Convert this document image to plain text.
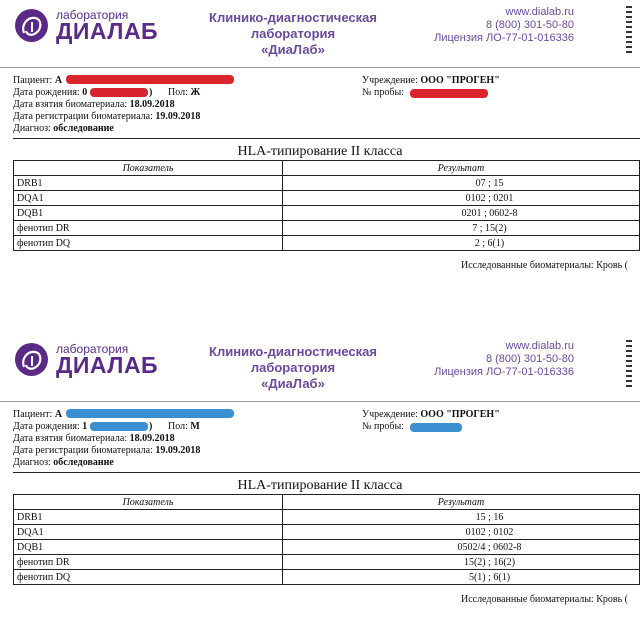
лаборатория
ДИАЛАБ
Клинико-диагностическая лаборатория
«ДиаЛаб»
www.dialab.ru
8 (800) 301-50-80
Лицензия ЛО-77-01-016336
Пациент: А
Дата рождения: 0	) Пол: Ж
Дата взятия биоматериала: 18.09.2018
Дата регистрации биоматериала: 19.09.2018
Диагноз: обследование
Учреждение: ООО "ПРОГЕН"
№ пробы:
HLA-типирование II класса
Показатель	Результат
DRB1	07 ; 15
DQA1	0102 ; 0201
DQB1	0201 ; 0602-8
фенотип DR	7 ; 15(2)
фенотип DQ	2 ; 6(1)
Исследованные биоматериалы: Кровь (
лаборатория
ДИАЛАБ
Клинико-диагностическая лаборатория
«ДиаЛаб»
www.dialab.ru
8 (800) 301-50-80
Лицензия ЛО-77-01-016336
Пациент: А
Дата рождения: 1	) Пол: М
Дата взятия биоматериала: 18.09.2018
Дата регистрации биоматериала: 19.09.2018
Диагноз: обследование
Учреждение: ООО "ПРОГЕН"
№ пробы:
HLA-типирование II класса
Показатель	Результат
DRB1	15 ; 16
DQA1	0102 ; 0102
DQB1	0502/4 ; 0602-8
фенотип DR	15(2) ; 16(2)
фенотип DQ	5(1) ; 6(1)
Исследованные биоматериалы: Кровь (
